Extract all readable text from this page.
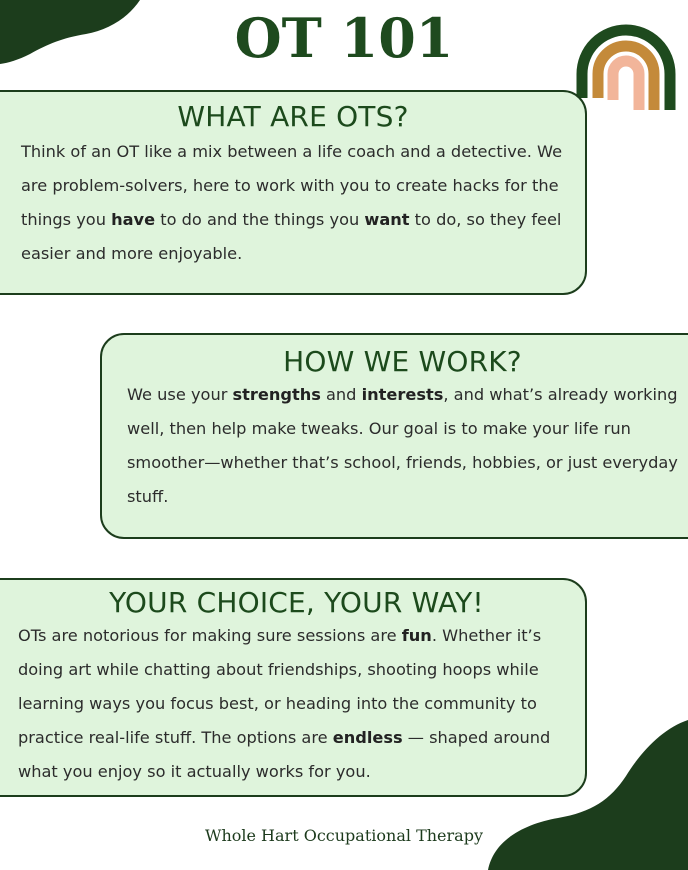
OT 101
WHAT ARE OTS?

Think of an OT like a mix between a life coach and a detective. We are problem-solvers, here to work with you to create hacks for the things you have to do and the things you want to do, so they feel easier and more enjoyable.

HOW WE WORK?

We use your strengths and interests, and what’s already working well, then help make tweaks. Our goal is to make your life run smoother—whether that’s school, friends, hobbies, or just everyday stuff.

YOUR CHOICE, YOUR WAY!

OTs are notorious for making sure sessions are fun. Whether it’s doing art while chatting about friendships, shooting hoops while learning ways you focus best, or heading into the community to practice real-life stuff. The options are endless — shaped around what you enjoy so it actually works for you.

Whole Hart Occupational Therapy
